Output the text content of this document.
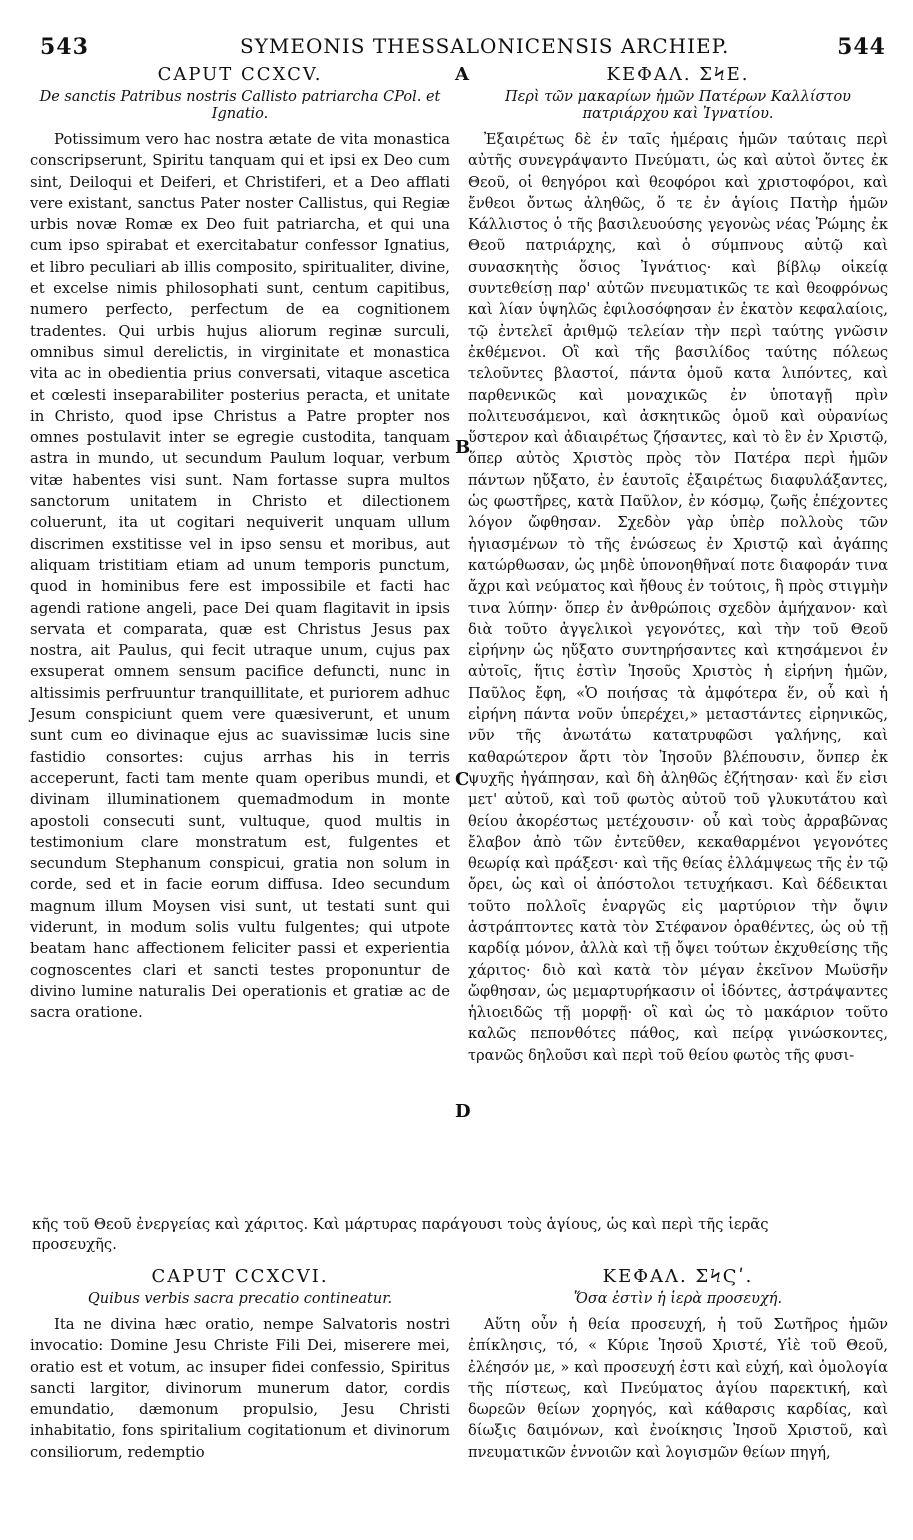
543	SYMEONIS THESSALONICENSIS ARCHIEP.	544
A
B
C
D
CAPUT CCXCV.
De sanctis Patribus nostris Callisto patriarcha CPol. et Ignatio.

Potissimum vero hac nostra ætate de vita monastica conscripserunt, Spiritu tanquam qui et ipsi ex Deo cum sint, Deiloqui et Deiferi, et Christiferi, et a Deo afflati vere existant, sanctus Pater noster Callistus, qui Regiæ urbis novæ Romæ ex Deo fuit patriarcha, et qui una cum ipso spirabat et exercitabatur confessor Ignatius, et libro peculiari ab illis composito, spiritualiter, divine, et excelse nimis philosophati sunt, centum capitibus, numero perfecto, perfectum de ea cognitionem tradentes. Qui urbis hujus aliorum reginæ surculi, omnibus simul derelictis, in virginitate et monastica vita ac in obedientia prius conversati, vitaque ascetica et cœlesti inseparabiliter posterius peracta, et unitate in Christo, quod ipse Christus a Patre propter nos omnes postulavit inter se egregie custodita, tanquam astra in mundo, ut secundum Paulum loquar, verbum vitæ habentes visi sunt. Nam fortasse supra multos sanctorum unitatem in Christo et dilectionem coluerunt, ita ut cogitari nequiverit unquam ullum discrimen exstitisse vel in ipso sensu et moribus, aut aliquam tristitiam etiam ad unum temporis punctum, quod in hominibus fere est impossibile et facti hac agendi ratione angeli, pace Dei quam flagitavit in ipsis servata et comparata, quæ est Christus Jesus pax nostra, ait Paulus, qui fecit utraque unum, cujus pax exsuperat omnem sensum pacifice defuncti, nunc in altissimis perfruuntur tranquillitate, et puriorem adhuc Jesum conspiciunt quem vere quæsiverunt, et unum sunt cum eo divinaque ejus ac suavissimæ lucis sine fastidio consortes: cujus arrhas his in terris acceperunt, facti tam mente quam operibus mundi, et divinam illuminationem quemadmodum in monte apostoli consecuti sunt, vultuque, quod multis in testimonium clare monstratum est, fulgentes et secundum Stephanum conspicui, gratia non solum in corde, sed et in facie eorum diffusa. Ideo secundum magnum illum Moysen visi sunt, ut testati sunt qui viderunt, in modum solis vultu fulgentes; qui utpote beatam hanc affectionem feliciter passi et experientia cognoscentes clari et sancti testes proponuntur de divino lumine naturalis Dei operationis et gratiæ ac de sacra oratione.

ΚΕΦΑΛ. ΣϞΕ.
Περὶ τῶν μακαρίων ἡμῶν Πατέρων Καλλίστου πατριάρχου καὶ Ἰγνατίου.

Ἐξαιρέτως δὲ ἐν ταῖς ἡμέραις ἡμῶν ταύταις περὶ αὐτῆς συνεγράψαντο Πνεύματι, ὡς καὶ αὐτοὶ ὄντες ἐκ Θεοῦ, οἱ θεηγόροι καὶ θεοφόροι καὶ χριστοφόροι, καὶ ἔνθεοι ὄντως ἀληθῶς, ὅ τε ἐν ἁγίοις Πατὴρ ἡμῶν Κάλλιστος ὁ τῆς βασιλευούσης γεγονὼς νέας Ῥώμης ἐκ Θεοῦ πατριάρχης, καὶ ὁ σύμπνους αὐτῷ καὶ συνασκητὴς ὅσιος Ἰγνάτιος· καὶ βίβλῳ οἰκείᾳ συντεθείσῃ παρ' αὐτῶν πνευματικῶς τε καὶ θεοφρόνως καὶ λίαν ὑψηλῶς ἐφιλοσόφησαν ἐν ἑκατὸν κεφαλαίοις, τῷ ἐντελεῖ ἀριθμῷ τελείαν τὴν περὶ ταύτης γνῶσιν ἐκθέμενοι. Οἳ καὶ τῆς βασιλίδος ταύτης πόλεως τελοῦντες βλαστοί, πάντα ὁμοῦ κατα λιπόντες, καὶ παρθενικῶς καὶ μοναχικῶς ἐν ὑποταγῇ πρὶν πολιτευσάμενοι, καὶ ἀσκητικῶς ὁμοῦ καὶ οὐρανίως ὕστερον καὶ ἀδιαιρέτως ζήσαντες, καὶ τὸ ἓν ἐν Χριστῷ, ὅπερ αὐτὸς Χριστὸς πρὸς τὸν Πατέρα περὶ ἡμῶν πάντων ηὔξατο, ἐν ἑαυτοῖς ἐξαιρέτως διαφυλάξαντες, ὡς φωστῆρες, κατὰ Παῦλον, ἐν κόσμῳ, ζωῆς ἐπέχοντες λόγον ὤφθησαν. Σχεδὸν γὰρ ὑπὲρ πολλοὺς τῶν ἡγιασμένων τὸ τῆς ἑνώσεως ἐν Χριστῷ καὶ ἀγάπης κατώρθωσαν, ὡς μηδὲ ὑπονοηθῆναί ποτε διαφοράν τινα ἄχρι καὶ νεύματος καὶ ἤθους ἐν τούτοις, ἢ πρὸς στιγμὴν τινα λύπην· ὅπερ ἐν ἀνθρώποις σχεδὸν ἀμήχανον· καὶ διὰ τοῦτο ἀγγελικοὶ γεγονότες, καὶ τὴν τοῦ Θεοῦ εἰρήνην ὡς ηὔξατο συντηρήσαντες καὶ κτησάμενοι ἐν αὐτοῖς, ἥτις ἐστὶν Ἰησοῦς Χριστὸς ἡ εἰρήνη ἡμῶν, Παῦλος ἔφη, «Ὁ ποιήσας τὰ ἀμφότερα ἕν, οὗ καὶ ἡ εἰρήνη πάντα νοῦν ὑπερέχει,» μεταστάντες εἰρηνικῶς, νῦν τῆς ἀνωτάτω κατατρυφῶσι γαλήνης, καὶ καθαρώτερον ἄρτι τὸν Ἰησοῦν βλέπουσιν, ὅνπερ ἐκ ψυχῆς ἠγάπησαν, καὶ δὴ ἀληθῶς ἐζήτησαν· καὶ ἕν εἰσι μετ' αὐτοῦ, καὶ τοῦ φωτὸς αὐτοῦ τοῦ γλυκυτάτου καὶ θείου ἀκορέστως μετέχουσιν· οὗ καὶ τοὺς ἀρραβῶνας ἔλαβον ἀπὸ τῶν ἐντεῦθεν, κεκαθαρμένοι γεγονότες θεωρίᾳ καὶ πράξεσι· καὶ τῆς θείας ἐλλάμψεως τῆς ἐν τῷ ὄρει, ὡς καὶ οἱ ἀπόστολοι τετυχήκασι. Καὶ δέδεικται τοῦτο πολλοῖς ἐναργῶς εἰς μαρτύριον τὴν ὄψιν ἀστράπτοντες κατὰ τὸν Στέφανον ὁραθέντες, ὡς οὐ τῇ καρδίᾳ μόνον, ἀλλὰ καὶ τῇ ὄψει τούτων ἐκχυθείσης τῆς χάριτος· διὸ καὶ κατὰ τὸν μέγαν ἐκεῖνον Μωϋσῆν ὤφθησαν, ὡς μεμαρτυρήκασιν οἱ ἰδόντες, ἀστράψαντες ἡλιοειδῶς τῇ μορφῇ· οἳ καὶ ὡς τὸ μακάριον τοῦτο καλῶς πεπονθότες πάθος, καὶ πείρᾳ γινώσκοντες, τρανῶς δηλοῦσι καὶ περὶ τοῦ θείου φωτὸς τῆς φυσι-

κῆς τοῦ Θεοῦ ἐνεργείας καὶ χάριτος. Καὶ μάρτυρας παράγουσι τοὺς ἁγίους, ὡς καὶ περὶ τῆς ἱερᾶς
προσευχῆς.
CAPUT CCXCVI.
Quibus verbis sacra precatio contineatur.

Ita ne divina hæc oratio, nempe Salvatoris nostri invocatio: Domine Jesu Christe Fili Dei, miserere mei, oratio est et votum, ac insuper fidei confessio, Spiritus sancti largitor, divinorum munerum dator, cordis emundatio, dæmonum propulsio, Jesu Christi inhabitatio, fons spiritalium cogitationum et divinorum consiliorum, redemptio

ΚΕΦΑΛ. ΣϞϚʹ.
Ὅσα ἐστὶν ἡ ἱερὰ προσευχή.

Αὕτη οὖν ἡ θεία προσευχή, ἡ τοῦ Σωτῆρος ἡμῶν ἐπίκλησις, τό, « Κύριε Ἰησοῦ Χριστέ, Υἱὲ τοῦ Θεοῦ, ἐλέησόν με, » καὶ προσευχή ἐστι καὶ εὐχή, καὶ ὁμολογία τῆς πίστεως, καὶ Πνεύματος ἁγίου παρεκτική, καὶ δωρεῶν θείων χορηγός, καὶ κάθαρσις καρδίας, καὶ δίωξις δαιμόνων, καὶ ἐνοίκησις Ἰησοῦ Χριστοῦ, καὶ πνευματικῶν ἐννοιῶν καὶ λογισμῶν θείων πηγή,
